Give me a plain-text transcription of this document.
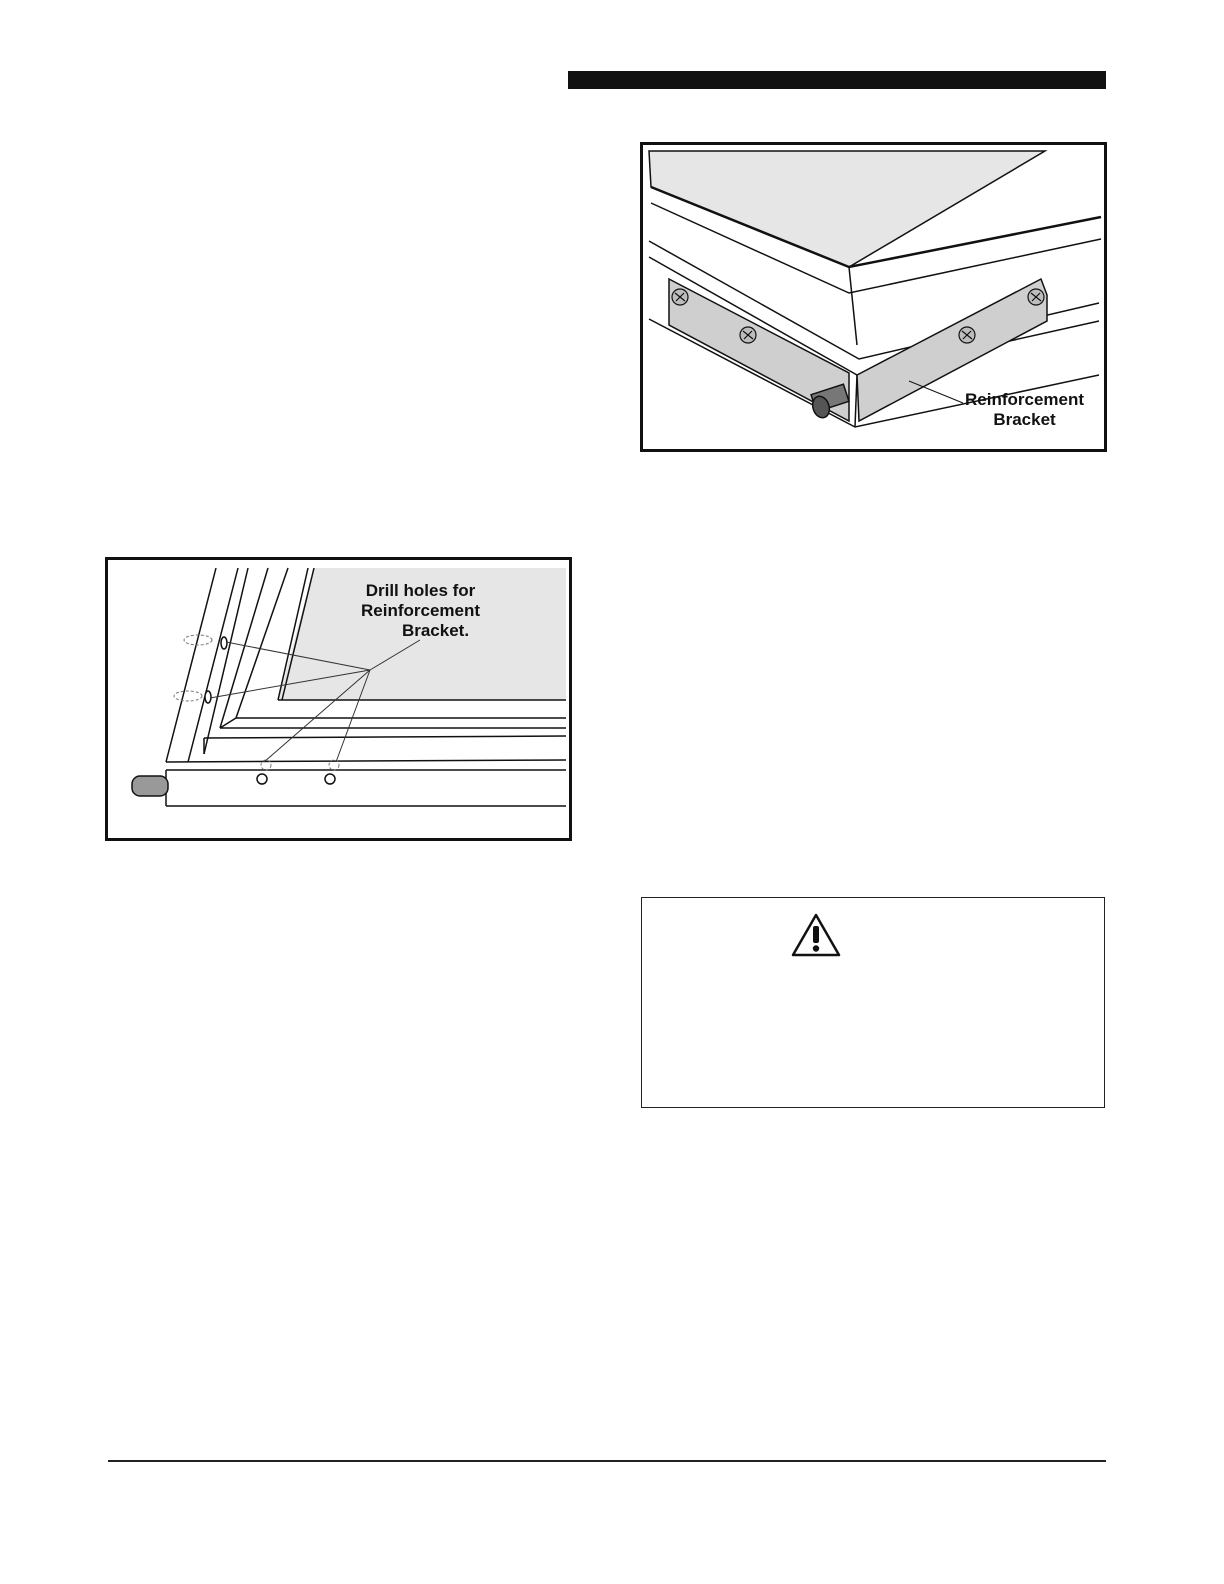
Reinforcement
Bracket
Drill holes for
Reinforcement
Bracket.
